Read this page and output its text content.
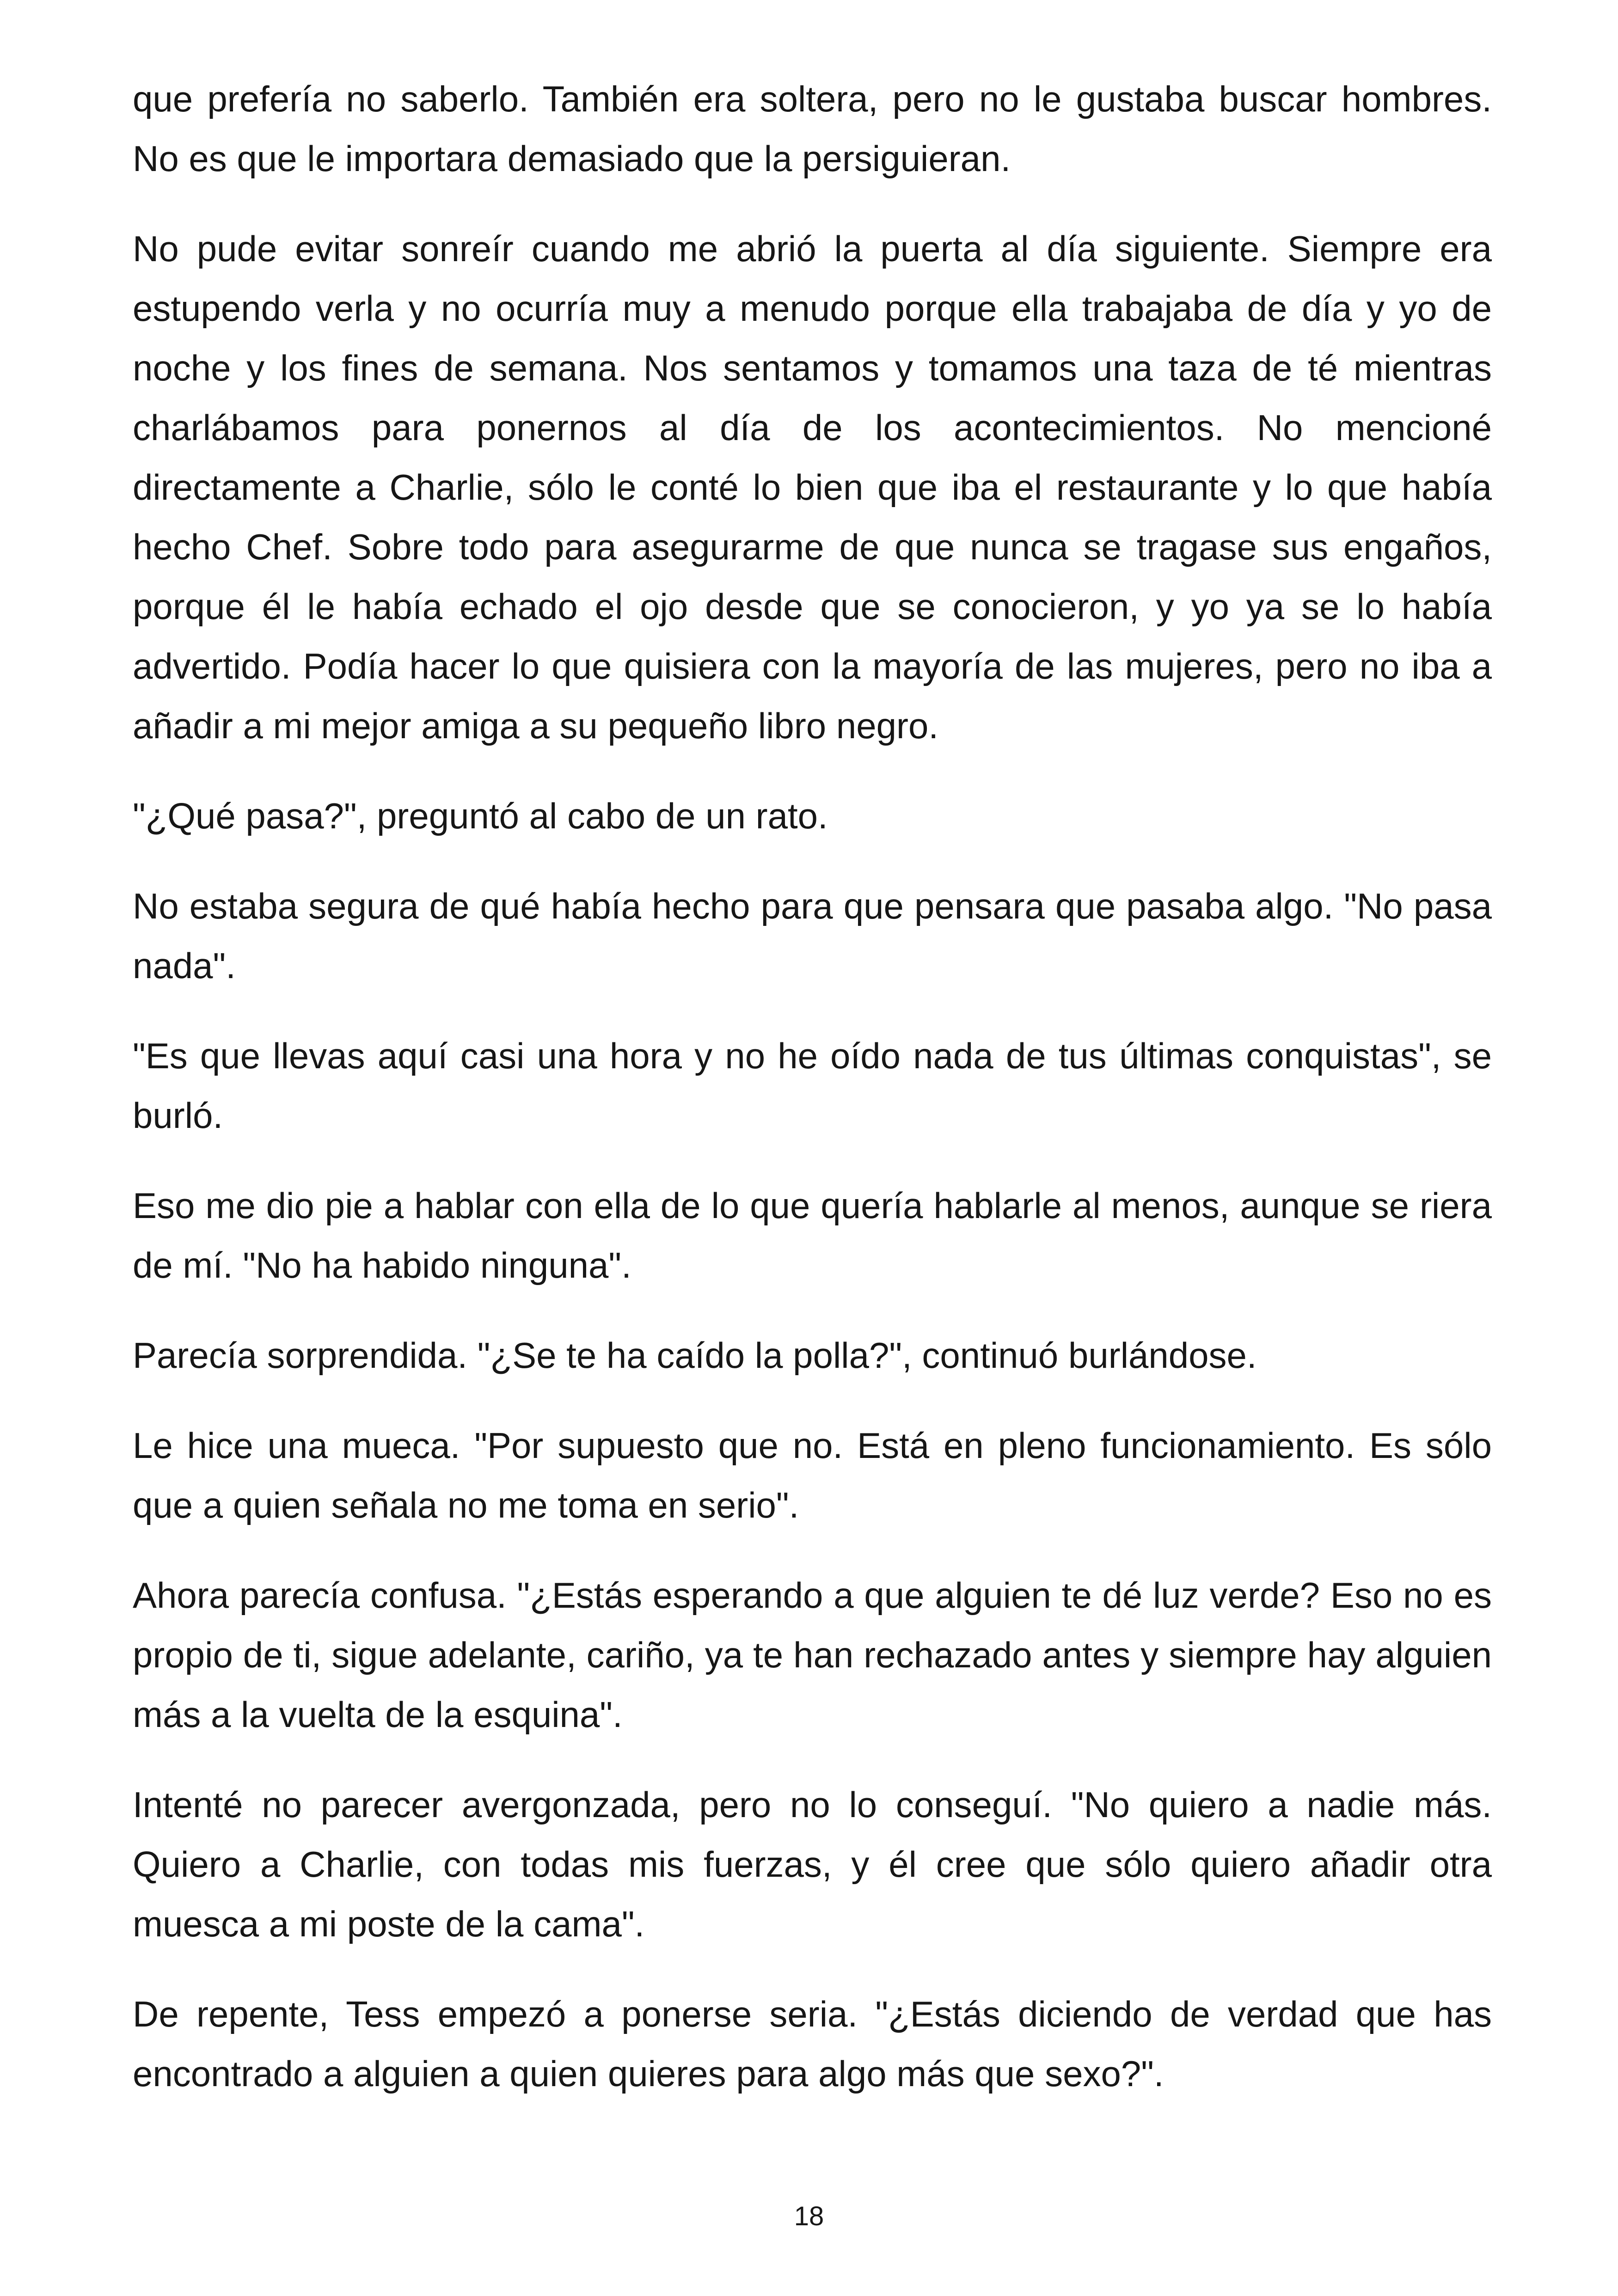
que prefería no saberlo. También era soltera, pero no le gustaba buscar hombres. No es que le importara demasiado que la persiguieran.

No pude evitar sonreír cuando me abrió la puerta al día siguiente. Siempre era estupendo verla y no ocurría muy a menudo porque ella trabajaba de día y yo de noche y los fines de semana. Nos sentamos y tomamos una taza de té mientras charlábamos para ponernos al día de los acontecimientos. No mencioné directamente a Charlie, sólo le conté lo bien que iba el restaurante y lo que había hecho Chef. Sobre todo para asegurarme de que nunca se tragase sus engaños, porque él le había echado el ojo desde que se conocieron, y yo ya se lo había advertido. Podía hacer lo que quisiera con la mayoría de las mujeres, pero no iba a añadir a mi mejor amiga a su pequeño libro negro.

"¿Qué pasa?", preguntó al cabo de un rato.

No estaba segura de qué había hecho para que pensara que pasaba algo. "No pasa nada".

"Es que llevas aquí casi una hora y no he oído nada de tus últimas conquistas", se burló.

Eso me dio pie a hablar con ella de lo que quería hablarle al menos, aunque se riera de mí. "No ha habido ninguna".

Parecía sorprendida. "¿Se te ha caído la polla?", continuó burlándose.

Le hice una mueca. "Por supuesto que no. Está en pleno funcionamiento. Es sólo que a quien señala no me toma en serio".

Ahora parecía confusa. "¿Estás esperando a que alguien te dé luz verde? Eso no es propio de ti, sigue adelante, cariño, ya te han rechazado antes y siempre hay alguien más a la vuelta de la esquina".

Intenté no parecer avergonzada, pero no lo conseguí. "No quiero a nadie más. Quiero a Charlie, con todas mis fuerzas, y él cree que sólo quiero añadir otra muesca a mi poste de la cama".

De repente, Tess empezó a ponerse seria. "¿Estás diciendo de verdad que has encontrado a alguien a quien quieres para algo más que sexo?".

18
